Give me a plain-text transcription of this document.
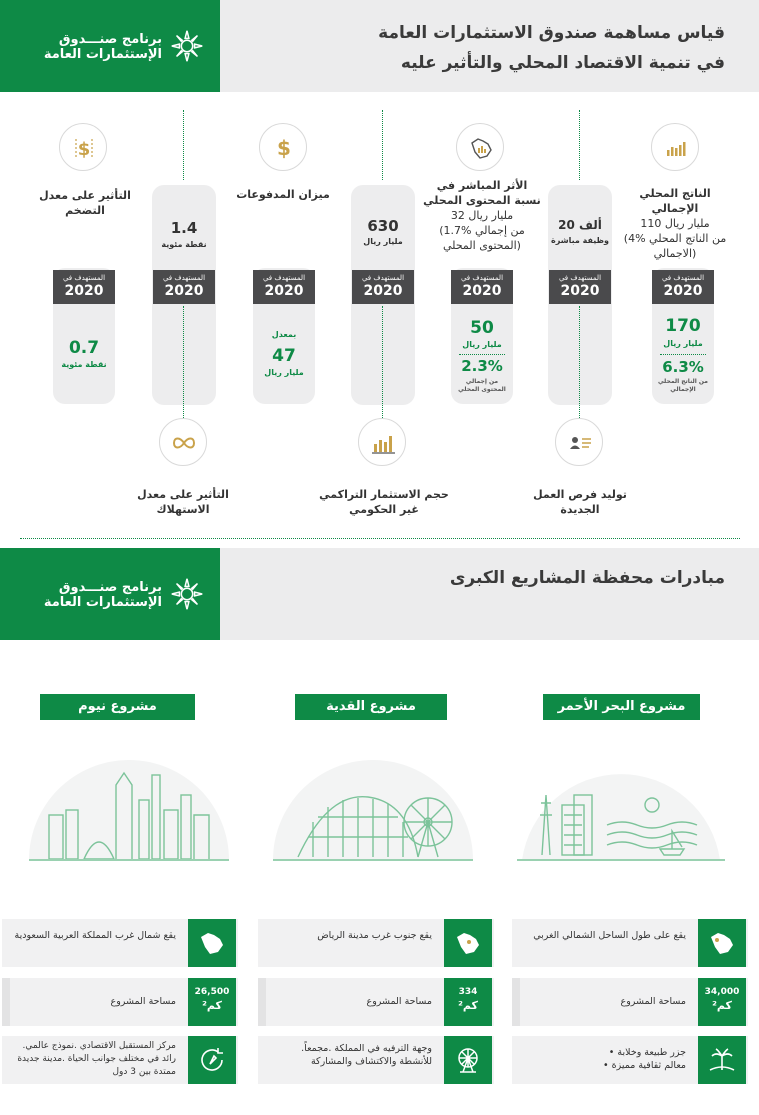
برنامج صنـــدوق
الإستثمارات العامة
قياس مساهمة صندوق الاستثمارات العامة
في تنمية الاقتصاد المحلي والتأثير عليه
$
$
الناتج المحلي الإجمالي
110 مليار ريال
(4% من الناتج المحلي الاجمالي)
الأثر المباشر في نسبة المحتوى المحلي
32 مليار ريال
(1.7% من إجمالي المحتوى المحلي)
ميزان المدفوعات
التأثير على معدل التضخم
20 ألف
وظيفة مباشرة
630
مليار ريال
1.4
نقطة مئوية
المستهدف في
2020
المستهدف في
2020
المستهدف في
2020
المستهدف في
2020
المستهدف في
2020
المستهدف في
2020
المستهدف في
2020
170
مليار ريال
6.3%
من الناتج المحلي الإجمالي
50
مليار ريال
2.3%
من إجمالي المحتوى المحلي
بمعدل
47
مليار ريال
0.7
نقطة مئوية
توليد فرص العمل الجديدة
حجم الاستثمار التراكمي غير الحكومي
التأثير على معدل الاستهلاك
برنامج صنـــدوق
الإستثمارات العامة
مبادرات محفظة المشاريع الكبرى
مشروع البحر الأحمر
مشروع القدية
مشروع نيوم
يقع على طول الساحل الشمالي الغربي
مساحة المشروع
34,000
كم²
• جزر طبيعة وخلابة
• معالم ثقافية مميزة
يقع جنوب غرب مدينة الرياض
مساحة المشروع
334
كم²
.وجهة الترفيه في المملكة .مجمعاً للأنشطة والاكتشاف والمشاركة
يقع شمال غرب المملكة العربية السعودية
مساحة المشروع
26,500
كم²
.مركز المستقبل الاقتصادي .نموذج عالمي رائد في مختلف جوانب الحياة .مدينة جديدة ممتدة بين 3 دول
